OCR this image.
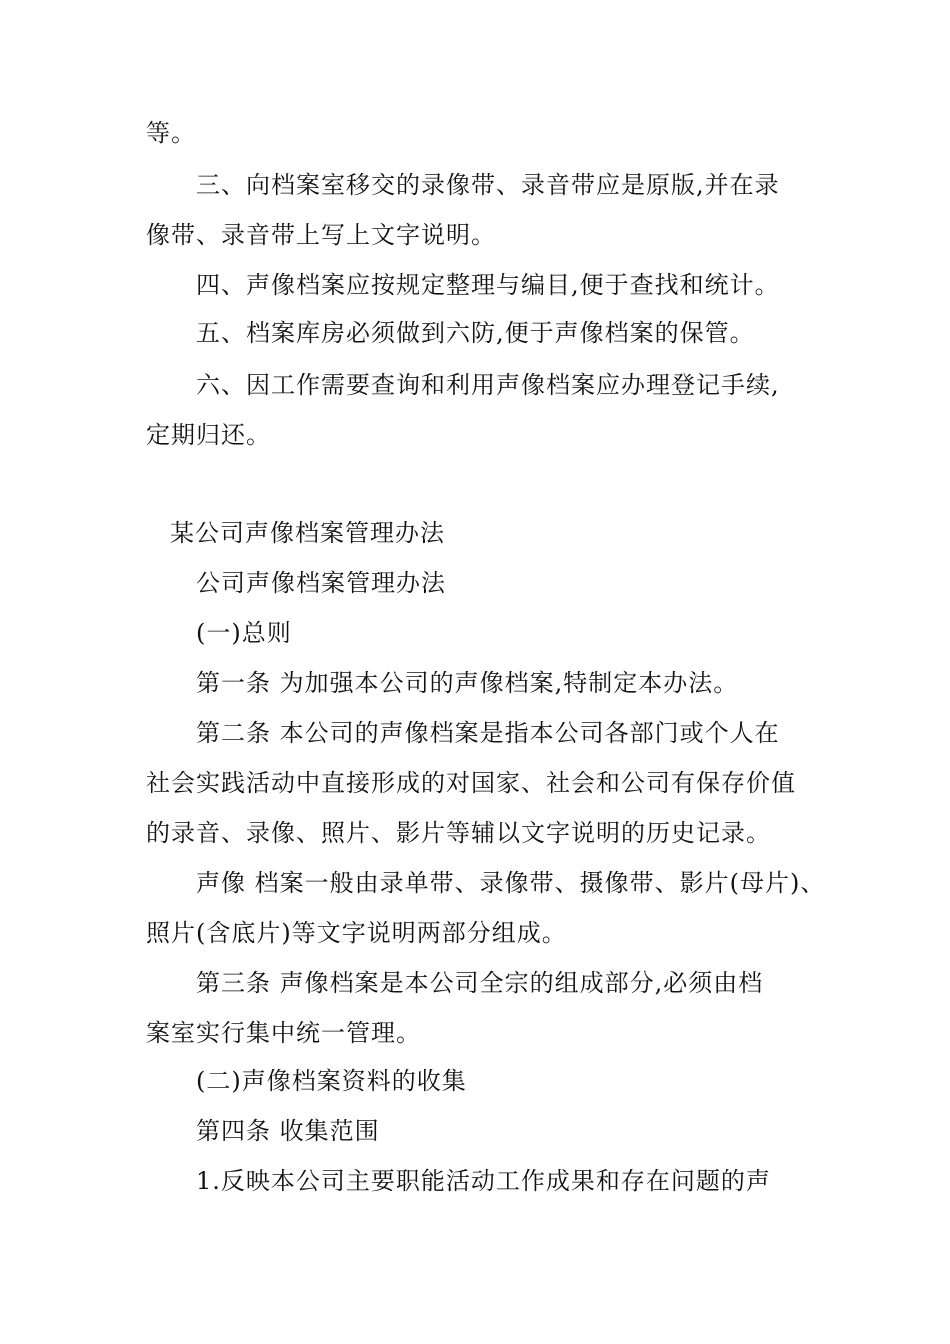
等。
三、向档案室移交的录像带、录音带应是原版,并在录
像带、录音带上写上文字说明。
四、声像档案应按规定整理与编目,便于查找和统计。
五、档案库房必须做到六防,便于声像档案的保管。
六、因工作需要查询和利用声像档案应办理登记手续,
定期归还。
某公司声像档案管理办法
公司声像档案管理办法
(一)总则
第一条 为加强本公司的声像档案,特制定本办法。
第二条 本公司的声像档案是指本公司各部门或个人在
社会实践活动中直接形成的对国家、社会和公司有保存价值
的录音、录像、照片、影片等辅以文字说明的历史记录。
声像 档案一般由录单带、录像带、摄像带、影片(母片)、
照片(含底片)等文字说明两部分组成。
第三条 声像档案是本公司全宗的组成部分,必须由档
案室实行集中统一管理。
(二)声像档案资料的收集
第四条 收集范围
1.反映本公司主要职能活动工作成果和存在问题的声
